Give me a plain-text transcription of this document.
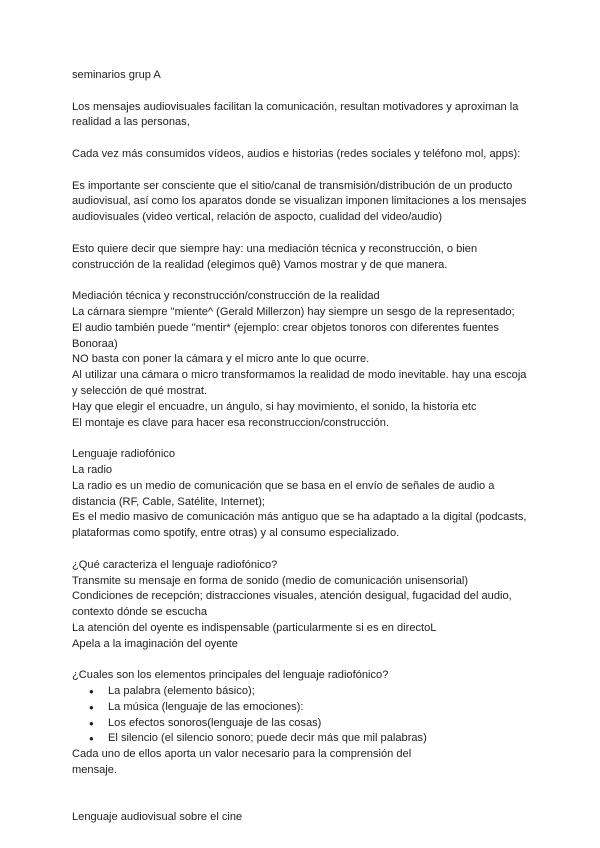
seminarios grup A

Los mensajes audiovisuales facilitan la comunicación, resultan motivadores y aproximan la
realidad a las personas,

Cada vez más consumidos vídeos, audios e historias (redes sociales y teléfono mol, apps):

Es importante ser consciente que el sitio/canal de transmisión/distribución de un producto
audiovisual, así como los aparatos donde se visualizan imponen limitaciones a los mensajes
audiovisuales (video vertical, relación de aspocto, cualidad del video/audio)

Esto quiere decir que siempre hay: una mediación técnica y reconstrucción, o bien
construcción de la realidad (elegimos quê) Vamos mostrar y de que manera.

Mediación técnica y reconstrucción/construcción de la realidad
La cárnara siempre "miente^ (Gerald Millerzon) hay siempre un sesgo de la representado;
El audio también puede "mentir* (ejemplo: crear objetos tonoros con diferentes fuentes
Bonoraa)
NO basta con poner la cámara y el micro ante lo que ocurre.
Al utilizar una cámara o micro transformamos la realidad de modo inevitable. hay una escoja
y selección de qué mostrat.
Hay que elegir el encuadre, un ángulo, si hay movimiento, el sonido, la historia etc
El montaje es clave para hacer esa reconstruccion/construcción.

Lenguaje radiofónico
La radio
La radio es un medio de comunicación que se basa en el envío de señales de audio a
distancia (RF, Cable, Satélite, Internet);
Es el medio masivo de comunicación más antiguo que se ha adaptado a la digital (podcasts,
plataformas como spotify, entre otras) y al consumo especializado.

¿Qué caracteriza el lenguaje radiofónico?
Transmite su mensaje en forma de sonido (medio de comunicación unisensorial)
Condiciones de recepción; distracciones visuales, atención desigual, fugacidad del audio,
contexto dónde se escucha
La atención del oyente es indispensable (particularmente si es en directoL
Apela a la imaginación del oyente

¿Cuales son los elementos principales del lenguaje radiofónico?

● La palabra (elemento básico);
● La música (lenguaje de las emociones):
● Los efectos sonoros(lenguaje de las cosas)
● El silencio (el silencio sonoro; puede decir más que mil palabras)

Cada uno de ellos aporta un valor necesario para la comprensión del
mensaje.

Lenguaje audiovisual sobre el cine
